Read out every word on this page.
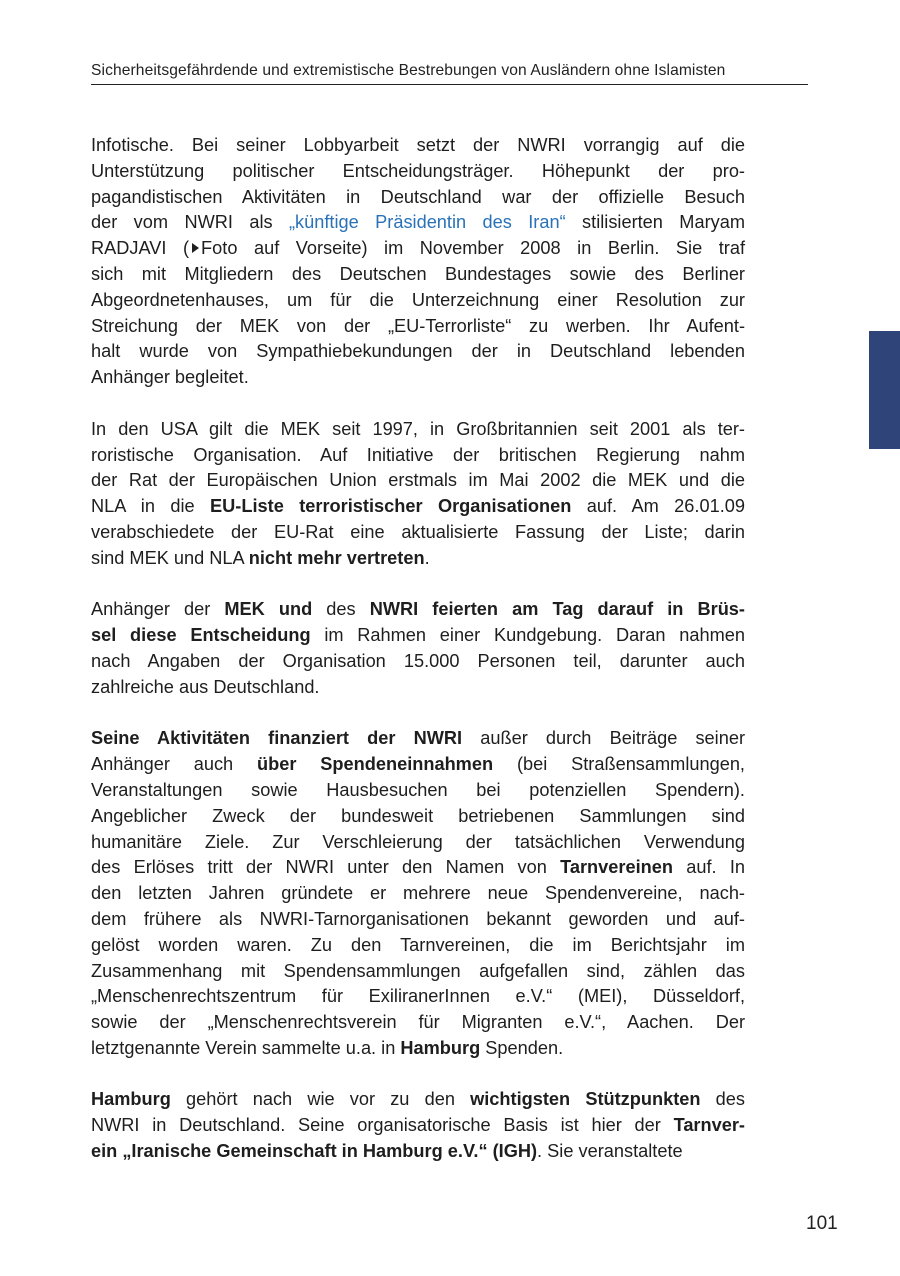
Sicherheitsgefährdende und extremistische Bestrebungen von Ausländern ohne Islamisten

Infotische. Bei seiner Lobbyarbeit setzt der NWRI vorrangig auf die
Unterstützung politischer Entscheidungsträger. Höhepunkt der pro-
pagandistischen Aktivitäten in Deutschland war der offizielle Besuch
der vom NWRI als „künftige Präsidentin des Iran“ stilisierten Maryam
RADJAVI ( Foto auf Vorseite) im November 2008 in Berlin. Sie traf
sich mit Mitgliedern des Deutschen Bundestages sowie des Berliner
Abgeordnetenhauses, um für die Unterzeichnung einer Resolution zur
Streichung der MEK von der „EU-Terrorliste“ zu werben. Ihr Aufent-
halt wurde von Sympathiebekundungen der in Deutschland lebenden
Anhänger begleitet.

In den USA gilt die MEK seit 1997, in Großbritannien seit 2001 als ter-
roristische Organisation. Auf Initiative der britischen Regierung nahm
der Rat der Europäischen Union erstmals im Mai 2002 die MEK und die
NLA in die EU-Liste terroristischer Organisationen auf. Am 26.01.09
verabschiedete der EU-Rat eine aktualisierte Fassung der Liste; darin
sind MEK und NLA nicht mehr vertreten.

Anhänger der MEK und des NWRI feierten am Tag darauf in Brüs-
sel diese Entscheidung im Rahmen einer Kundgebung. Daran nahmen
nach Angaben der Organisation 15.000 Personen teil, darunter auch
zahlreiche aus Deutschland.

Seine Aktivitäten finanziert der NWRI außer durch Beiträge seiner
Anhänger auch über Spendeneinnahmen (bei Straßensammlungen,
Veranstaltungen sowie Hausbesuchen bei potenziellen Spendern).
Angeblicher Zweck der bundesweit betriebenen Sammlungen sind
humanitäre Ziele. Zur Verschleierung der tatsächlichen Verwendung
des Erlöses tritt der NWRI unter den Namen von Tarnvereinen auf. In
den letzten Jahren gründete er mehrere neue Spendenvereine, nach-
dem frühere als NWRI-Tarnorganisationen bekannt geworden und auf-
gelöst worden waren. Zu den Tarnvereinen, die im Berichtsjahr im
Zusammenhang mit Spendensammlungen aufgefallen sind, zählen das
„Menschenrechtszentrum für ExiliranerInnen e.V.“ (MEI), Düsseldorf,
sowie der „Menschenrechtsverein für Migranten e.V.“, Aachen. Der
letztgenannte Verein sammelte u.a. in Hamburg Spenden.

Hamburg gehört nach wie vor zu den wichtigsten Stützpunkten des
NWRI in Deutschland. Seine organisatorische Basis ist hier der Tarnver-
ein „Iranische Gemeinschaft in Hamburg e.V.“ (IGH). Sie veranstaltete

101
